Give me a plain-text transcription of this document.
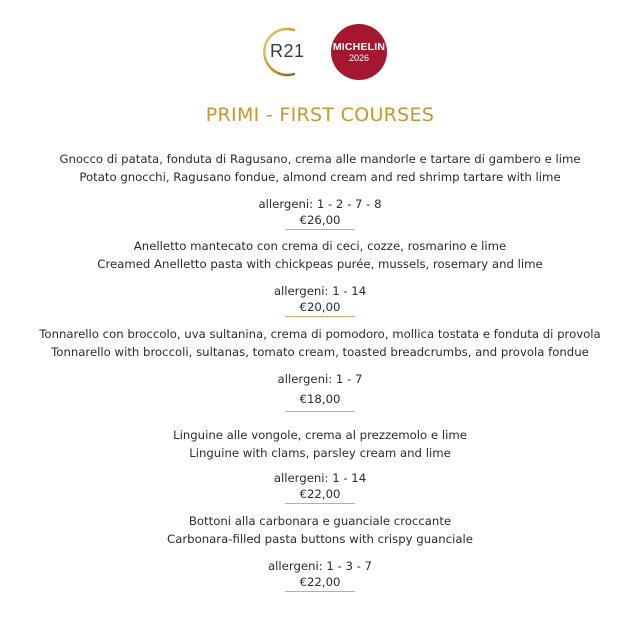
R21	MICHELIN
2026
PRIMI - FIRST COURSES
Gnocco di patata, fonduta di Ragusano, crema alle mandorle e tartare di gambero e lime
Potato gnocchi, Ragusano fondue, almond cream and red shrimp tartare with lime
allergeni: 1 - 2 - 7 - 8
€26,00
Anelletto mantecato con crema di ceci, cozze, rosmarino e lime
Creamed Anelletto pasta with chickpeas purée, mussels, rosemary and lime
allergeni: 1 - 14
€20,00
Tonnarello con broccolo, uva sultanina, crema di pomodoro, mollica tostata e fonduta di provola
Tonnarello with broccoli, sultanas, tomato cream, toasted breadcrumbs, and provola fondue
allergeni: 1 - 7
€18,00
Linguine alle vongole, crema al prezzemolo e lime
Linguine with clams, parsley cream and lime
allergeni: 1 - 14
€22,00
Bottoni alla carbonara e guanciale croccante
Carbonara-filled pasta buttons with crispy guanciale
allergeni: 1 - 3 - 7
€22,00
